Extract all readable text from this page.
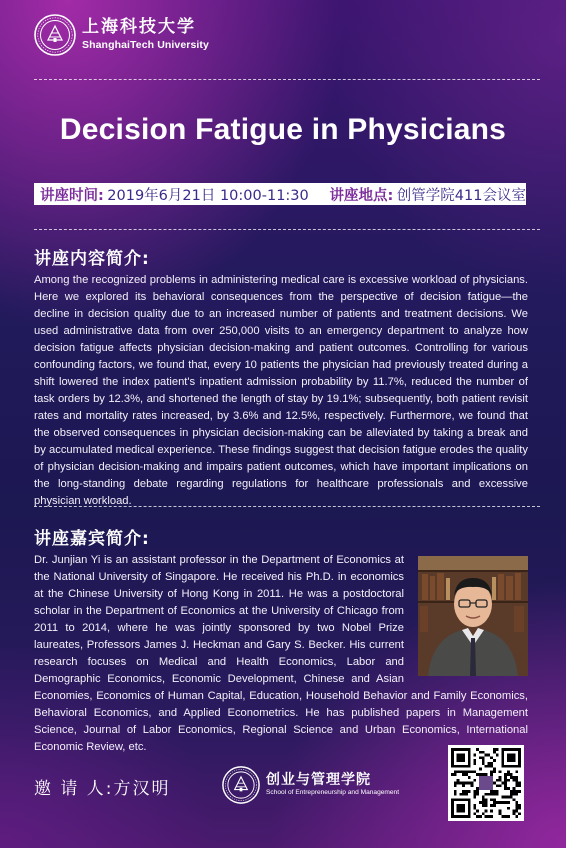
上海科技大学
ShanghaiTech University
Decision Fatigue in Physicians
讲座时间: 2019年6月21日 10:00-11:30 讲座地点: 创管学院411会议室
讲座内容简介:
Among the recognized problems in administering medical care is excessive workload of physicians. Here we explored its behavioral consequences from the perspective of decision fatigue—the decline in decision quality due to an increased number of patients and treatment decisions. We used administrative data from over 250,000 visits to an emergency department to analyze how decision fatigue affects physician decision-making and patient outcomes. Controlling for various confounding factors, we found that, every 10 patients the physician had previously treated during a shift lowered the index patient's inpatient admission probability by 11.7%, reduced the number of task orders by 12.3%, and shortened the length of stay by 19.1%; subsequently, both patient revisit rates and mortality rates increased, by 3.6% and 12.5%, respectively. Furthermore, we found that the observed consequences in physician decision-making can be alleviated by taking a break and by accumulated medical experience. These findings suggest that decision fatigue erodes the quality of physician decision-making and impairs patient outcomes, which have important implications on the long-standing debate regarding regulations for healthcare professionals and excessive physician workload.
讲座嘉宾简介:
Dr. Junjian Yi is an assistant professor in the Department of Economics at the National University of Singapore. He received his Ph.D. in economics at the Chinese University of Hong Kong in 2011. He was a postdoctoral scholar in the Department of Economics at the University of Chicago from 2011 to 2014, where he was jointly sponsored by two Nobel Prize laureates, Professors James J. Heckman and Gary S. Becker. His current research focuses on Medical and Health Economics, Labor and Demographic Economics, Economic Development, Chinese and Asian Economies, Economics of Human Capital, Education, Household Behavior and Family Economics, Behavioral Economics, and Applied Econometrics. He has published papers in Management Science, Journal of Labor Economics, Regional Science and Urban Economics, International Economic Review, etc.
邀 请 人:方汉明	创业与管理学院
School of Entrepreneurship and Management
